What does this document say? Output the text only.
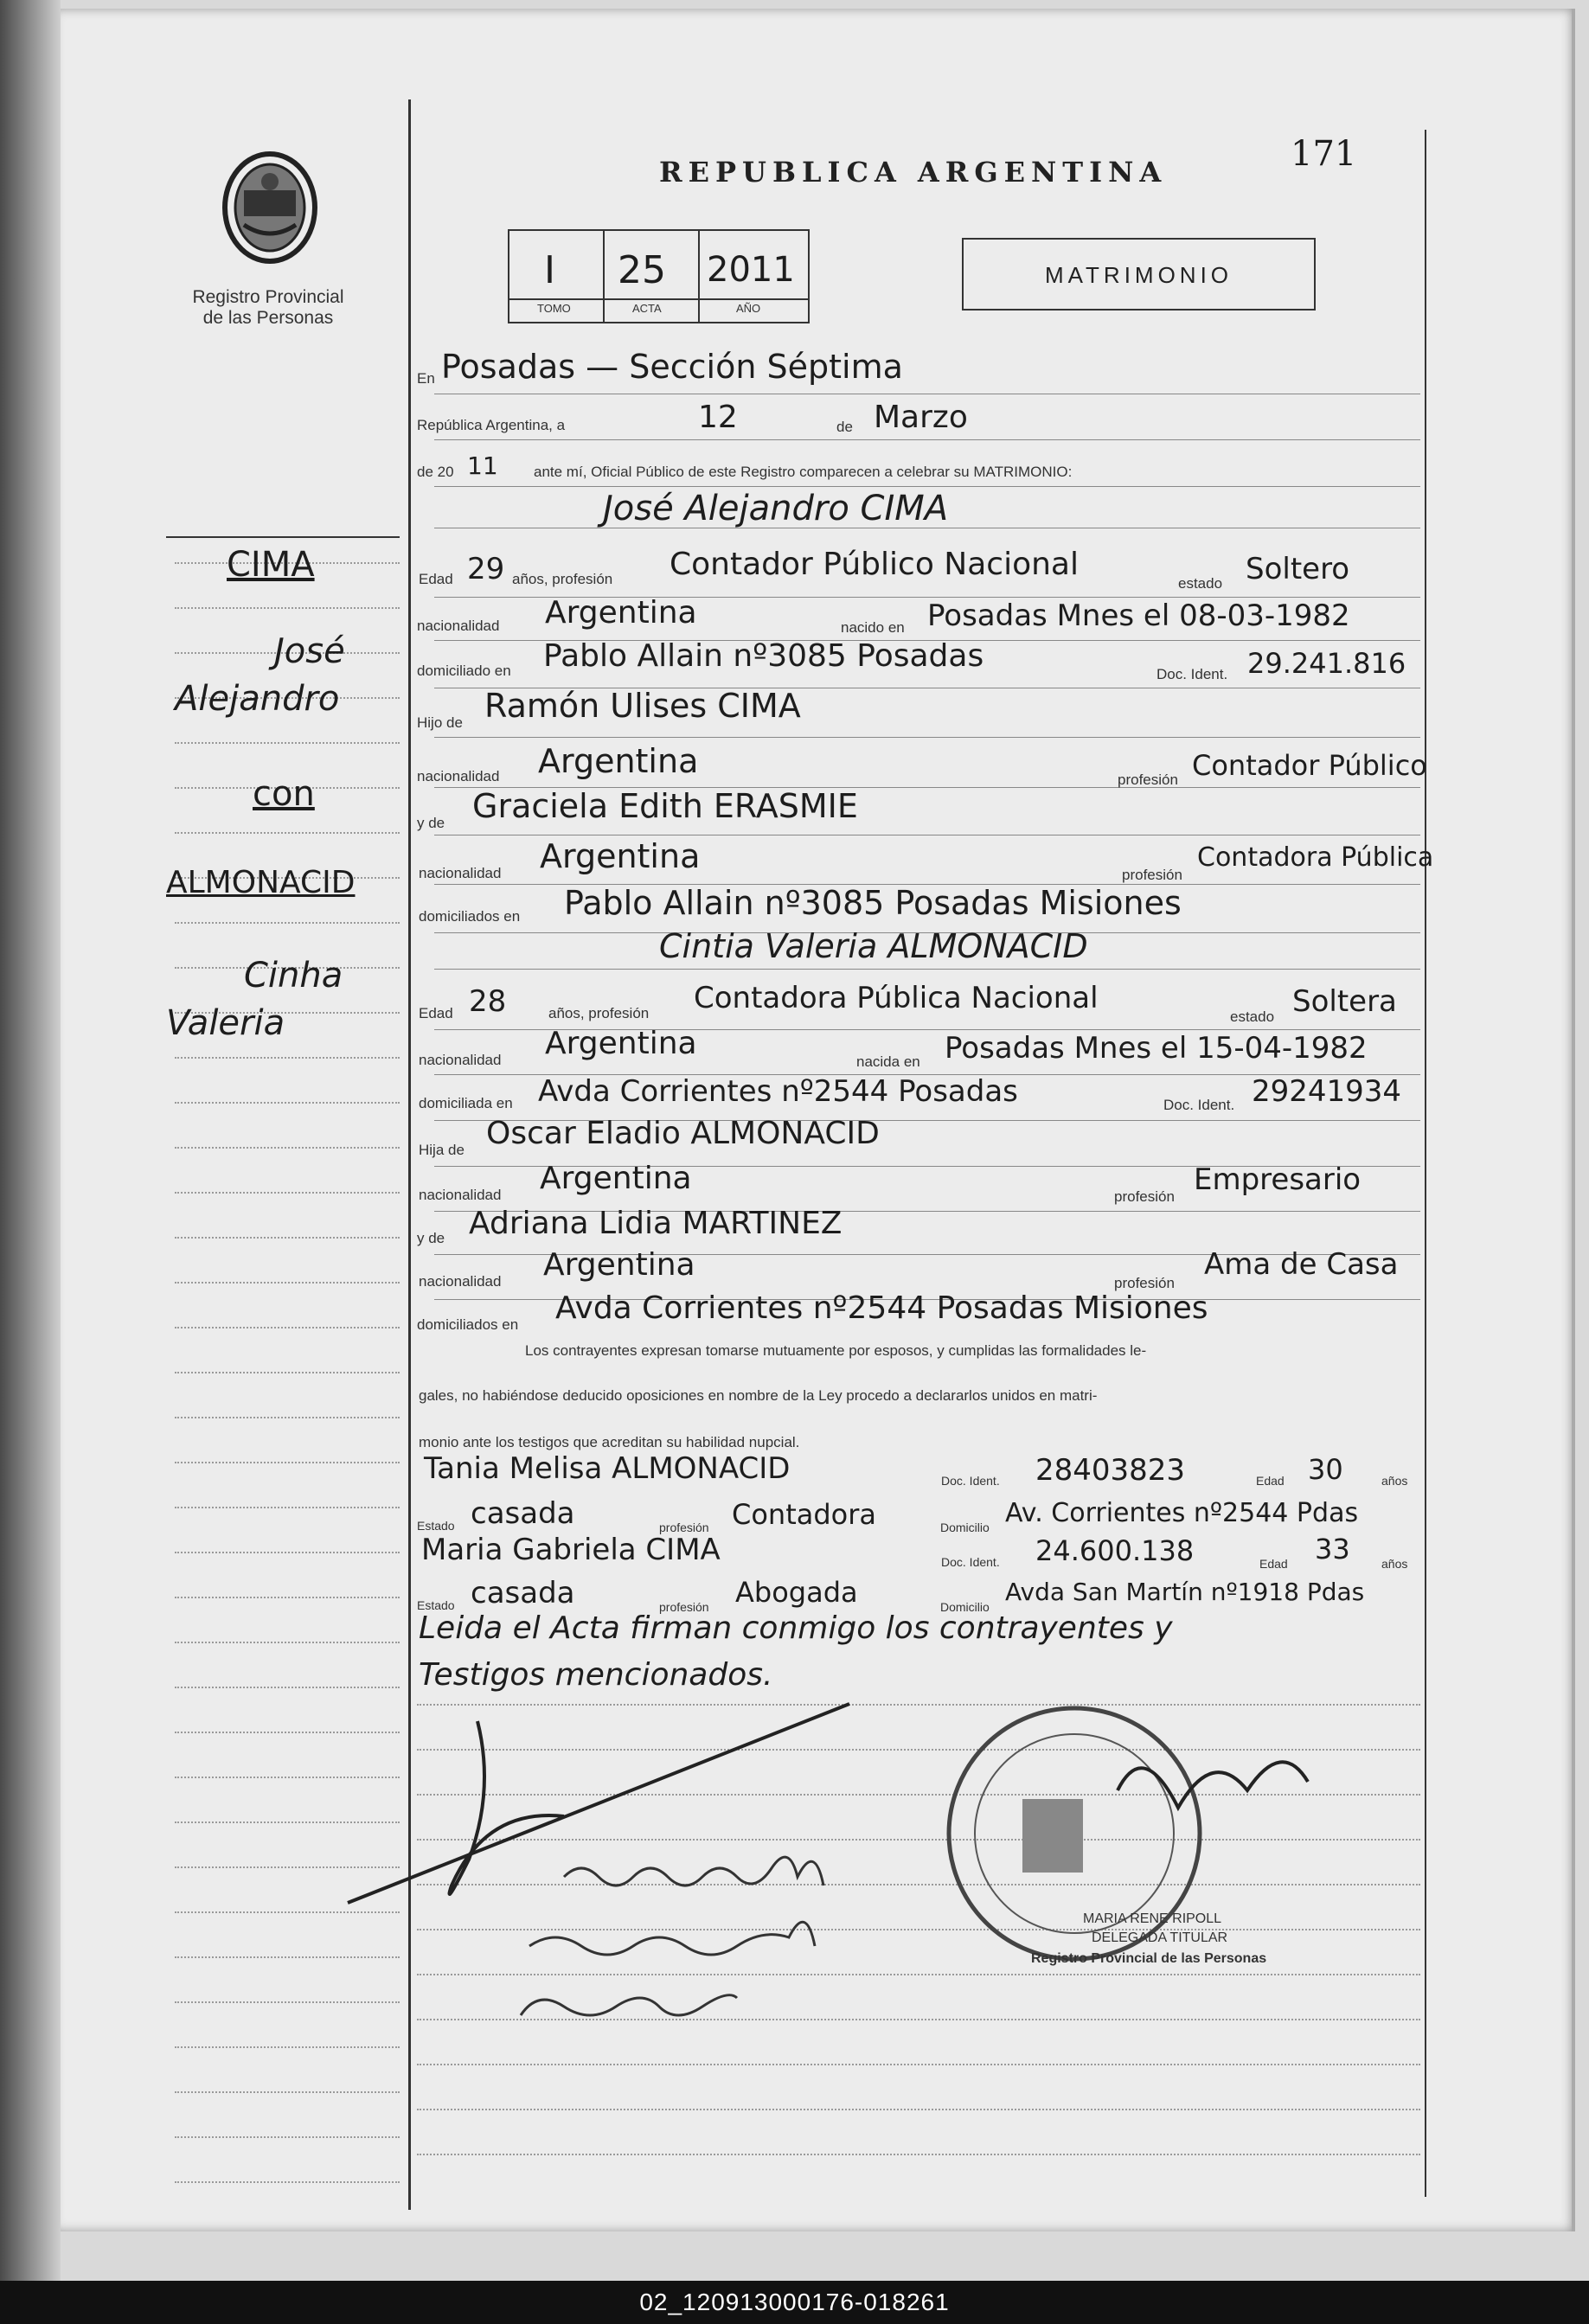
Registro Provincial
de las Personas
REPUBLICA ARGENTINA	171
I 25 2011
TOMO	ACTA	AÑO
MATRIMONIO
En Posadas — Sección Séptima
República Argentina, a	12	de Marzo
de 20 11 ante mí, Oficial Público de este Registro comparecen a celebrar su MATRIMONIO:
José Alejandro CIMA
Edad 29 años, profesión Contador Público Nacional
estado Soltero
nacionalidad Argentina	nacido en Posadas Mnes el 08-03-1982
domiciliado en Pablo Allain nº3085 Posadas
Doc. Ident. 29.241.816
Hijo de Ramón Ulises CIMA
nacionalidad Argentina	profesión Contador Público
y de Graciela Edith ERASMIE
nacionalidad Argentina	profesión
Contadora Pública
domiciliados en Pablo Allain nº3085 Posadas Misiones
Cintia Valeria ALMONACID
Edad 28	años, profesión Contadora Pública Nacional
estado Soltera
nacionalidad Argentina
nacida en Posadas Mnes el 15-04-1982
domiciliada en Avda Corrientes nº2544 Posadas	Doc. Ident. 29241934
Hija de Oscar Eladio ALMONACID
nacionalidad Argentina
profesión Empresario
y de Adriana Lidia MARTINEZ
nacionalidad Argentina
profesión
Ama de Casa
domiciliados en Avda Corrientes nº2544 Posadas Misiones
Los contrayentes expresan tomarse mutuamente por esposos, y cumplidas las formalidades le-
gales, no habiéndose deducido oposiciones en nombre de la Ley procedo a declararlos unidos en matri-
monio ante los testigos que acreditan su habilidad nupcial.
Tania Melisa ALMONACID	Doc. Ident. 28403823	Edad 30	años
Estado casada	profesión Contadora	Domicilio Av. Corrientes nº2544 Pdas
Maria Gabriela CIMA	Doc. Ident. 24.600.138	Edad 33	años
Estado casada	profesión Abogada	Domicilio
Avda San Martín nº1918 Pdas
Leida el Acta firman conmigo los contrayentes y
Testigos mencionados.
MARIA RENE RIPOLL
DELEGADA TITULAR
Registro Provincial de las Personas
CIMA
José
Alejandro
con
ALMONACID
Cinha
Valeria
02_120913000176-018261
